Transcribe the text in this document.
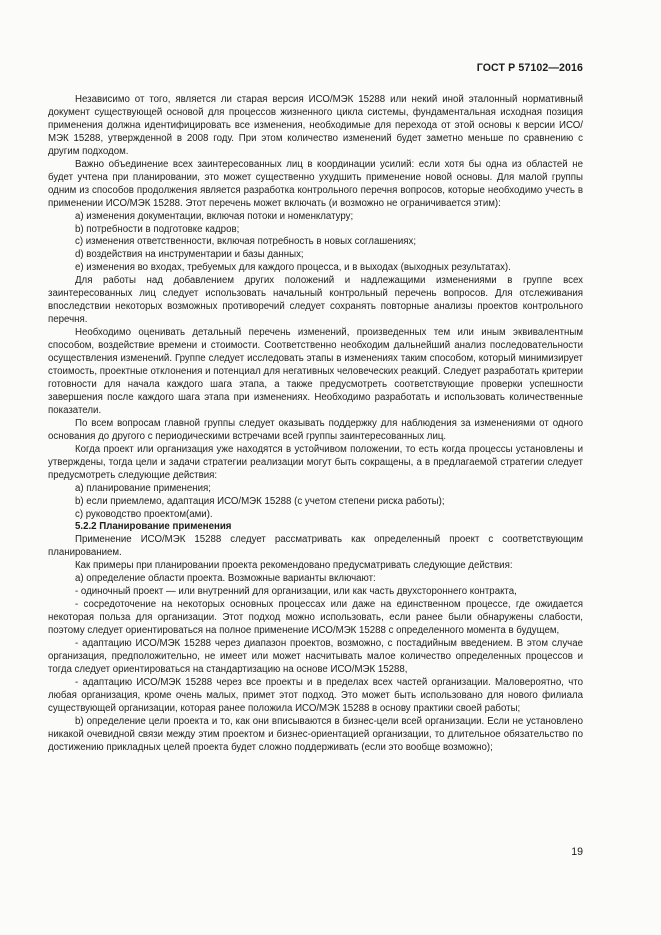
ГОСТ Р 57102—2016
Независимо от того, является ли старая версия ИСО/МЭК 15288 или некий иной эталонный нормативный документ существующей основой для процессов жизненного цикла системы, фундаментальная исходная позиция применения должна идентифицировать все изменения, необходимые для перехода от этой основы к версии ИСО/МЭК 15288, утвержденной в 2008 году. При этом количество изменений будет заметно меньше по сравнению с другим подходом.
Важно объединение всех заинтересованных лиц в координации усилий: если хотя бы одна из областей не будет учтена при планировании, это может существенно ухудшить применение новой основы. Для малой группы одним из способов продолжения является разработка контрольного перечня вопросов, которые необходимо учесть в применении ИСО/МЭК 15288. Этот перечень может включать (и возможно не ограничивается этим):
a) изменения документации, включая потоки и номенклатуру;
b) потребности в подготовке кадров;
c) изменения ответственности, включая потребность в новых соглашениях;
d) воздействия на инструментарии и базы данных;
e) изменения во входах, требуемых для каждого процесса, и в выходах (выходных результатах).
Для работы над добавлением других положений и надлежащими изменениями в группе всех заинтересованных лиц следует использовать начальный контрольный перечень вопросов. Для отслеживания впоследствии некоторых возможных противоречий следует сохранять повторные анализы проектов контрольного перечня.
Необходимо оценивать детальный перечень изменений, произведенных тем или иным эквивалентным способом, воздействие времени и стоимости. Соответственно необходим дальнейший анализ последовательности осуществления изменений. Группе следует исследовать этапы в изменениях таким способом, который минимизирует стоимость, проектные отклонения и потенциал для негативных человеческих реакций. Следует разработать критерии готовности для начала каждого шага этапа, а также предусмотреть соответствующие проверки успешности завершения после каждого шага этапа при изменениях. Необходимо разработать и использовать количественные показатели.
По всем вопросам главной группы следует оказывать поддержку для наблюдения за изменениями от одного основания до другого с периодическими встречами всей группы заинтересованных лиц.
Когда проект или организация уже находятся в устойчивом положении, то есть когда процессы установлены и утверждены, тогда цели и задачи стратегии реализации могут быть сокращены, а в предлагаемой стратегии следует предусмотреть следующие действия:
a) планирование применения;
b) если приемлемо, адаптация ИСО/МЭК 15288 (с учетом степени риска работы);
c) руководство проектом(ами).
5.2.2 Планирование применения
Применение ИСО/МЭК 15288 следует рассматривать как определенный проект с соответствующим планированием.
Как примеры при планировании проекта рекомендовано предусматривать следующие действия:
а) определение области проекта. Возможные варианты включают:
- одиночный проект — или внутренний для организации, или как часть двухстороннего контракта,
- сосредоточение на некоторых основных процессах или даже на единственном процессе, где ожидается некоторая польза для организации. Этот подход можно использовать, если ранее были обнаружены слабости, поэтому следует ориентироваться на полное применение ИСО/МЭК 15288 с определенного момента в будущем,
- адаптацию ИСО/МЭК 15288 через диапазон проектов, возможно, с постадийным введением. В этом случае организация, предположительно, не имеет или может насчитывать малое количество определенных процессов и тогда следует ориентироваться на стандартизацию на основе ИСО/МЭК 15288,
- адаптацию ИСО/МЭК 15288 через все проекты и в пределах всех частей организации. Маловероятно, что любая организация, кроме очень малых, примет этот подход. Это может быть использовано для нового филиала существующей организации, которая ранее положила ИСО/МЭК 15288 в основу практики своей работы;
b) определение цели проекта и то, как они вписываются в бизнес-цели всей организации. Если не установлено никакой очевидной связи между этим проектом и бизнес-ориентацией организации, то длительное обязательство по достижению прикладных целей проекта будет сложно поддерживать (если это вообще возможно);
19
